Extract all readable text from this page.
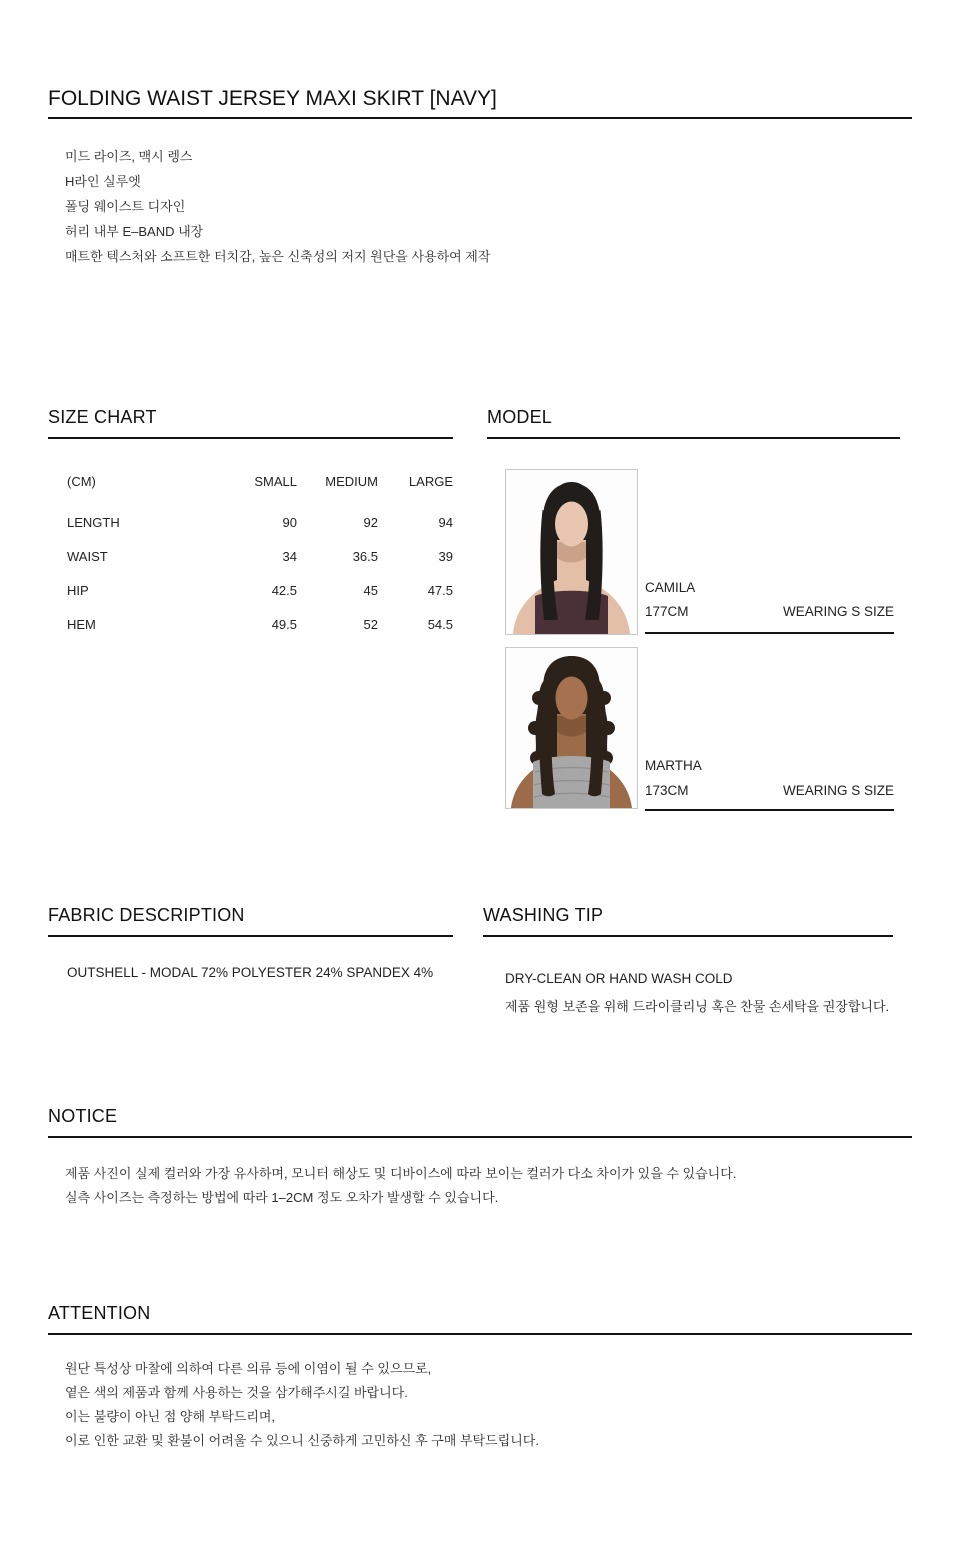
FOLDING WAIST JERSEY MAXI SKIRT [NAVY]
미드 라이즈, 맥시 렝스
H라인 실루엣
폴딩 웨이스트 디자인
허리 내부 E–BAND 내장
매트한 텍스처와 소프트한 터치감, 높은 신축성의 저지 원단을 사용하여 제작
SIZE CHART
(CM)	SMALL	MEDIUM	LARGE
LENGTH	90	92	94
WAIST	34	36.5	39
HIP	42.5	45	47.5
HEM	49.5	52	54.5
MODEL
CAMILA
177CM	WEARING S SIZE
MARTHA
173CM	WEARING S SIZE
FABRIC DESCRIPTION
OUTSHELL - MODAL 72% POLYESTER 24% SPANDEX 4%
WASHING TIP
DRY-CLEAN OR HAND WASH COLD
제품 원형 보존을 위해 드라이클리닝 혹은 찬물 손세탁을 권장합니다.
NOTICE
제품 사진이 실제 컬러와 가장 유사하며, 모니터 해상도 및 디바이스에 따라 보이는 컬러가 다소 차이가 있을 수 있습니다.
실측 사이즈는 측정하는 방법에 따라 1–2CM 정도 오차가 발생할 수 있습니다.
ATTENTION
원단 특성상 마찰에 의하여 다른 의류 등에 이염이 될 수 있으므로,
옅은 색의 제품과 함께 사용하는 것을 삼가해주시길 바랍니다.
이는 불량이 아닌 점 양해 부탁드리며,
이로 인한 교환 및 환불이 어려울 수 있으니 신중하게 고민하신 후 구매 부탁드립니다.
